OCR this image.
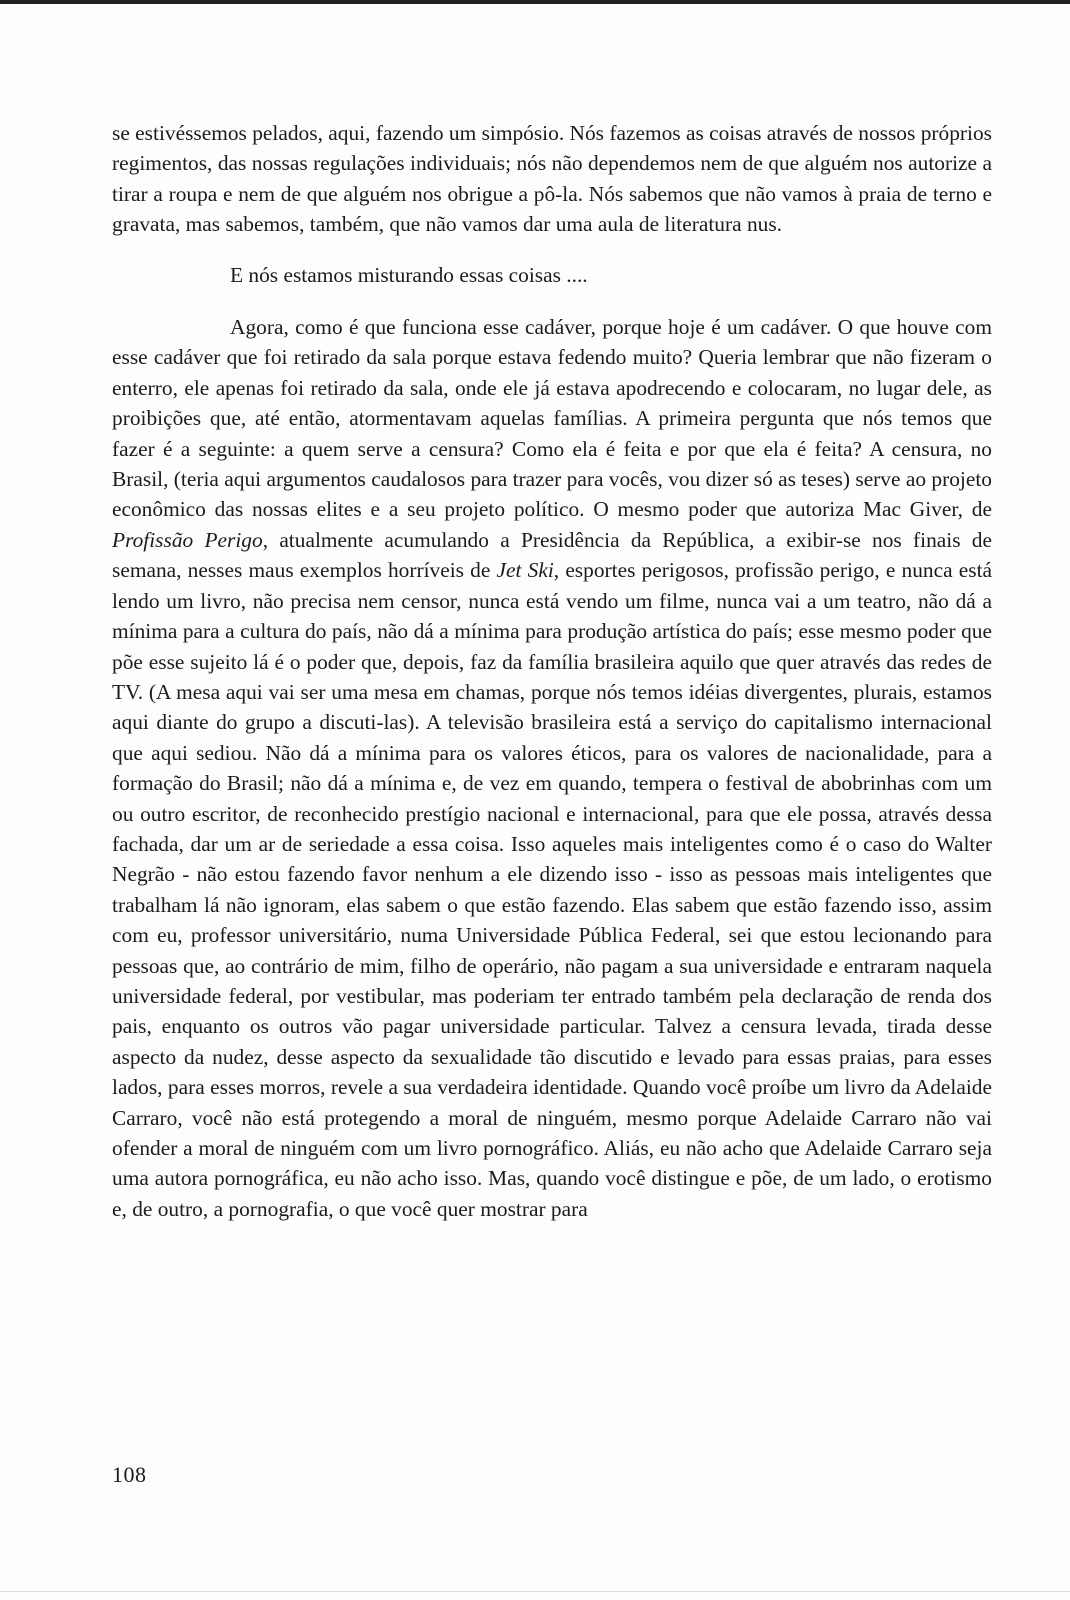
se estivéssemos pelados, aqui, fazendo um simpósio. Nós fazemos as coisas através de nossos próprios regimentos, das nossas regulações individuais; nós não dependemos nem de que alguém nos autorize a tirar a roupa e nem de que alguém nos obrigue a pô-la. Nós sabemos que não vamos à praia de terno e gravata, mas sabemos, também, que não vamos dar uma aula de literatura nus.

E nós estamos misturando essas coisas ....

Agora, como é que funciona esse cadáver, porque hoje é um cadáver. O que houve com esse cadáver que foi retirado da sala porque estava fedendo muito? Queria lembrar que não fizeram o enterro, ele apenas foi retirado da sala, onde ele já estava apodrecendo e colocaram, no lugar dele, as proibições que, até então, atormentavam aquelas famílias. A primeira pergunta que nós temos que fazer é a seguinte: a quem serve a censura? Como ela é feita e por que ela é feita? A censura, no Brasil, (teria aqui argumentos caudalosos para trazer para vocês, vou dizer só as teses) serve ao projeto econômico das nossas elites e a seu projeto político. O mesmo poder que autoriza Mac Giver, de Profissão Perigo, atualmente acumulando a Presidência da República, a exibir-se nos finais de semana, nesses maus exemplos horríveis de Jet Ski, esportes perigosos, profissão perigo, e nunca está lendo um livro, não precisa nem censor, nunca está vendo um filme, nunca vai a um teatro, não dá a mínima para a cultura do país, não dá a mínima para produção artística do país; esse mesmo poder que põe esse sujeito lá é o poder que, depois, faz da família brasileira aquilo que quer através das redes de TV. (A mesa aqui vai ser uma mesa em chamas, porque nós temos idéias divergentes, plurais, estamos aqui diante do grupo a discuti-las). A televisão brasileira está a serviço do capitalismo internacional que aqui sediou. Não dá a mínima para os valores éticos, para os valores de nacionalidade, para a formação do Brasil; não dá a mínima e, de vez em quando, tempera o festival de abobrinhas com um ou outro escritor, de reconhecido prestígio nacional e internacional, para que ele possa, através dessa fachada, dar um ar de seriedade a essa coisa. Isso aqueles mais inteligentes como é o caso do Walter Negrão - não estou fazendo favor nenhum a ele dizendo isso - isso as pessoas mais inteligentes que trabalham lá não ignoram, elas sabem o que estão fazendo. Elas sabem que estão fazendo isso, assim com eu, professor universitário, numa Universidade Pública Federal, sei que estou lecionando para pessoas que, ao contrário de mim, filho de operário, não pagam a sua universidade e entraram naquela universidade federal, por vestibular, mas poderiam ter entrado também pela declaração de renda dos pais, enquanto os outros vão pagar universidade particular. Talvez a censura levada, tirada desse aspecto da nudez, desse aspecto da sexualidade tão discutido e levado para essas praias, para esses lados, para esses morros, revele a sua verdadeira identidade. Quando você proíbe um livro da Adelaide Carraro, você não está protegendo a moral de ninguém, mesmo porque Adelaide Carraro não vai ofender a moral de ninguém com um livro pornográfico. Aliás, eu não acho que Adelaide Carraro seja uma autora pornográfica, eu não acho isso. Mas, quando você distingue e põe, de um lado, o erotismo e, de outro, a pornografia, o que você quer mostrar para

108
